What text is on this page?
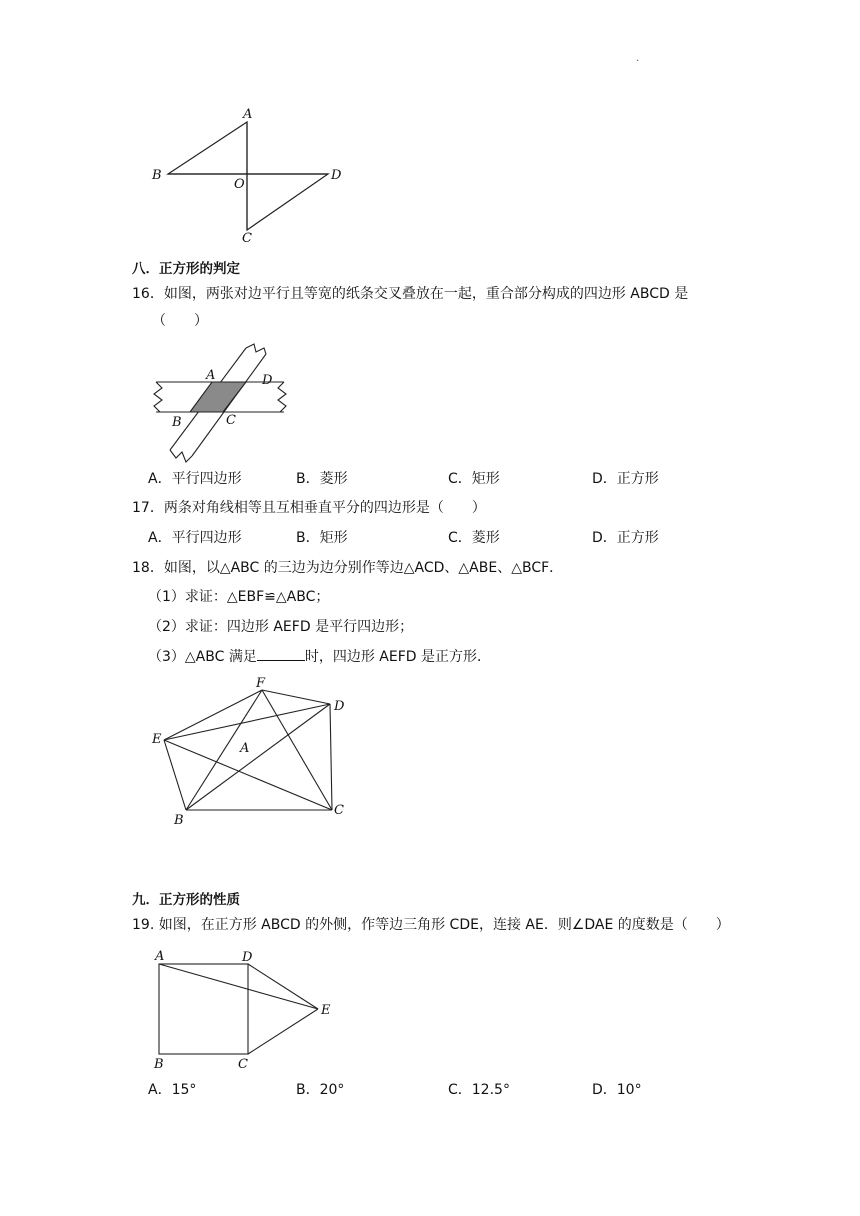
·
A
B
O
D
C
八．正方形的判定
16．如图，两张对边平行且等宽的纸条交叉叠放在一起，重合部分构成的四边形 ABCD 是
（　　）
A	D
B	C
A．平行四边形	B．菱形	C．矩形	D．正方形
17．两条对角线相等且互相垂直平分的四边形是（　　）
A．平行四边形	B．矩形	C．菱形	D．正方形
18．如图，以△ABC 的三边为边分别作等边△ACD、△ABE、△BCF．
（1）求证：△EBF≌△ABC；
（2）求证：四边形 AEFD 是平行四边形；
（3）△ABC 满足	时，四边形 AEFD 是正方形．
F
D
E
A
B
C
九．正方形的性质
19. 如图，在正方形 ABCD 的外侧，作等边三角形 CDE，连接 AE．则∠DAE 的度数是（　　）
A	D
E
B	C
A．15°	B．20°	C．12.5°	D．10°
